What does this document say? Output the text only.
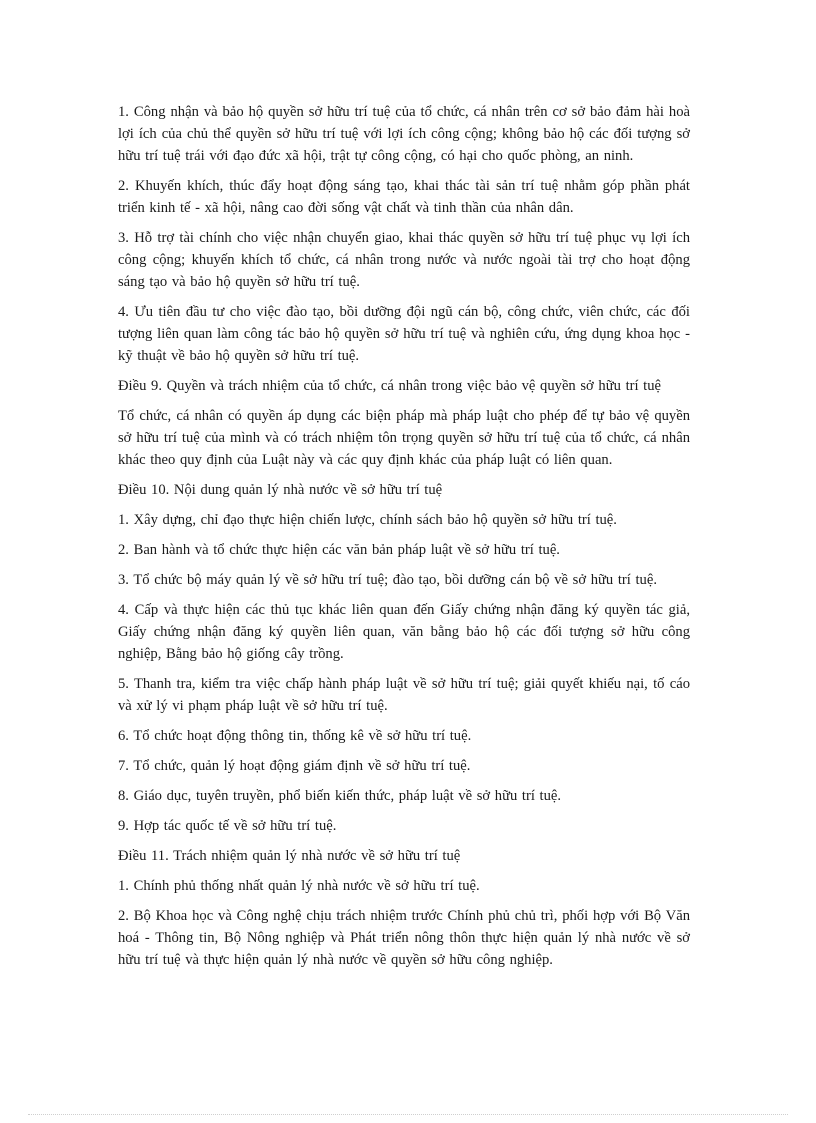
1. Công nhận và bảo hộ quyền sở hữu trí tuệ của tổ chức, cá nhân trên cơ sở bảo đảm hài hoà lợi ích của chủ thể quyền sở hữu trí tuệ với lợi ích công cộng; không bảo hộ các đối tượng sở hữu trí tuệ trái với đạo đức xã hội, trật tự công cộng, có hại cho quốc phòng, an ninh.

2. Khuyến khích, thúc đẩy hoạt động sáng tạo, khai thác tài sản trí tuệ nhằm góp phần phát triển kinh tế - xã hội, nâng cao đời sống vật chất và tinh thần của nhân dân.

3. Hỗ trợ tài chính cho việc nhận chuyển giao, khai thác quyền sở hữu trí tuệ phục vụ lợi ích công cộng; khuyến khích tổ chức, cá nhân trong nước và nước ngoài tài trợ cho hoạt động sáng tạo và bảo hộ quyền sở hữu trí tuệ.

4. Ưu tiên đầu tư cho việc đào tạo, bồi dưỡng đội ngũ cán bộ, công chức, viên chức, các đối tượng liên quan làm công tác bảo hộ quyền sở hữu trí tuệ và nghiên cứu, ứng dụng khoa học - kỹ thuật về bảo hộ quyền sở hữu trí tuệ.

Điều 9. Quyền và trách nhiệm của tổ chức, cá nhân trong việc bảo vệ quyền sở hữu trí tuệ

Tổ chức, cá nhân có quyền áp dụng các biện pháp mà pháp luật cho phép để tự bảo vệ quyền sở hữu trí tuệ của mình và có trách nhiệm tôn trọng quyền sở hữu trí tuệ của tổ chức, cá nhân khác theo quy định của Luật này và các quy định khác của pháp luật có liên quan.

Điều 10. Nội dung quản lý nhà nước về sở hữu trí tuệ

1. Xây dựng, chỉ đạo thực hiện chiến lược, chính sách bảo hộ quyền sở hữu trí tuệ.

2. Ban hành và tổ chức thực hiện các văn bản pháp luật về sở hữu trí tuệ.

3. Tổ chức bộ máy quản lý về sở hữu trí tuệ; đào tạo, bồi dưỡng cán bộ về sở hữu trí tuệ.

4. Cấp và thực hiện các thủ tục khác liên quan đến Giấy chứng nhận đăng ký quyền tác giả, Giấy chứng nhận đăng ký quyền liên quan, văn bằng bảo hộ các đối tượng sở hữu công nghiệp, Bằng bảo hộ giống cây trồng.

5. Thanh tra, kiểm tra việc chấp hành pháp luật về sở hữu trí tuệ; giải quyết khiếu nại, tố cáo và xử lý vi phạm pháp luật về sở hữu trí tuệ.

6. Tổ chức hoạt động thông tin, thống kê về sở hữu trí tuệ.

7. Tổ chức, quản lý hoạt động giám định về sở hữu trí tuệ.

8. Giáo dục, tuyên truyền, phổ biến kiến thức, pháp luật về sở hữu trí tuệ.

9. Hợp tác quốc tế về sở hữu trí tuệ.

Điều 11. Trách nhiệm quản lý nhà nước về sở hữu trí tuệ

1. Chính phủ thống nhất quản lý nhà nước về sở hữu trí tuệ.

2. Bộ Khoa học và Công nghệ chịu trách nhiệm trước Chính phủ chủ trì, phối hợp với Bộ Văn hoá - Thông tin, Bộ Nông nghiệp và Phát triển nông thôn thực hiện quản lý nhà nước về sở hữu trí tuệ và thực hiện quản lý nhà nước về quyền sở hữu công nghiệp.
